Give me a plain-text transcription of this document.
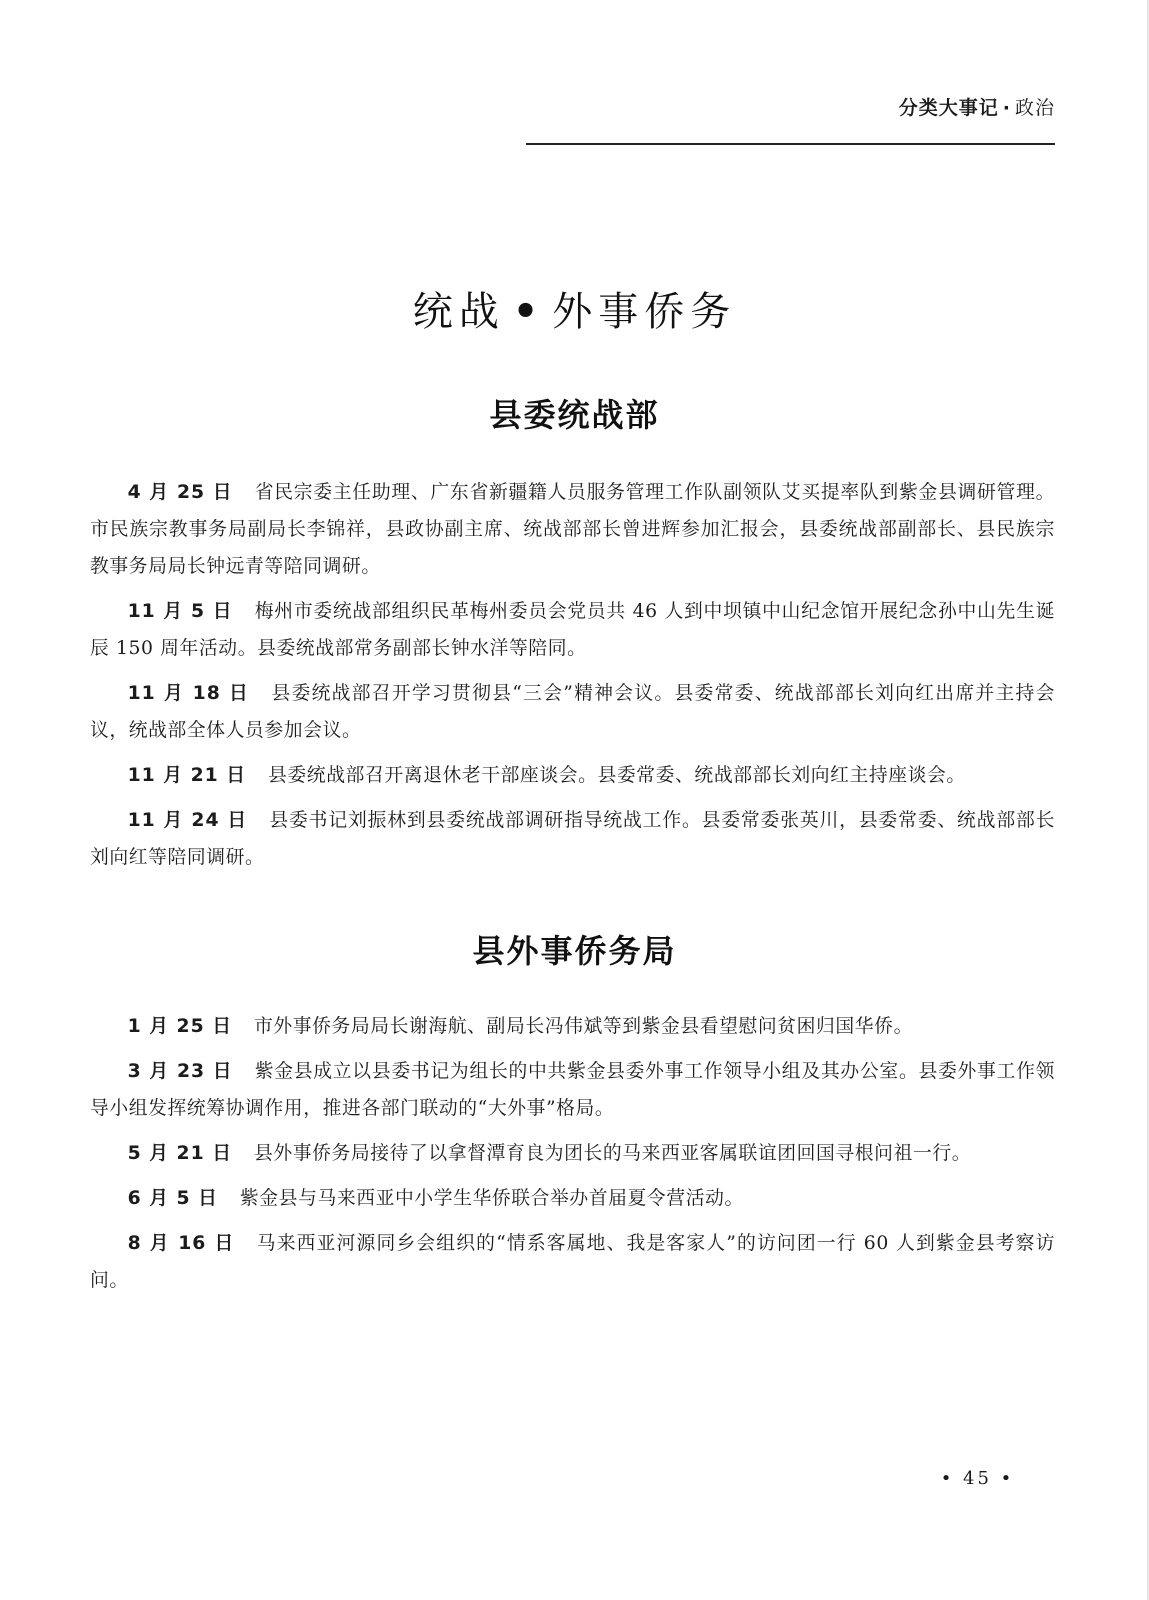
分类大事记 · 政治
统战 • 外事侨务
县委统战部

4 月 25 日 省民宗委主任助理、广东省新疆籍人员服务管理工作队副领队艾买提率队到紫金县调研管理。市民族宗教事务局副局长李锦祥，县政协副主席、统战部部长曾进辉参加汇报会，县委统战部副部长、县民族宗教事务局局长钟远青等陪同调研。

11 月 5 日 梅州市委统战部组织民革梅州委员会党员共 46 人到中坝镇中山纪念馆开展纪念孙中山先生诞辰 150 周年活动。县委统战部常务副部长钟水洋等陪同。

11 月 18 日 县委统战部召开学习贯彻县“三会”精神会议。县委常委、统战部部长刘向红出席并主持会议，统战部全体人员参加会议。

11 月 21 日 县委统战部召开离退休老干部座谈会。县委常委、统战部部长刘向红主持座谈会。

11 月 24 日 县委书记刘振林到县委统战部调研指导统战工作。县委常委张英川，县委常委、统战部部长刘向红等陪同调研。

县外事侨务局

1 月 25 日 市外事侨务局局长谢海航、副局长冯伟斌等到紫金县看望慰问贫困归国华侨。

3 月 23 日 紫金县成立以县委书记为组长的中共紫金县委外事工作领导小组及其办公室。县委外事工作领导小组发挥统筹协调作用，推进各部门联动的“大外事”格局。

5 月 21 日 县外事侨务局接待了以拿督潭育良为团长的马来西亚客属联谊团回国寻根问祖一行。

6 月 5 日 紫金县与马来西亚中小学生华侨联合举办首届夏令营活动。

8 月 16 日 马来西亚河源同乡会组织的“情系客属地、我是客家人”的访问团一行 60 人到紫金县考察访问。

• 45 •
